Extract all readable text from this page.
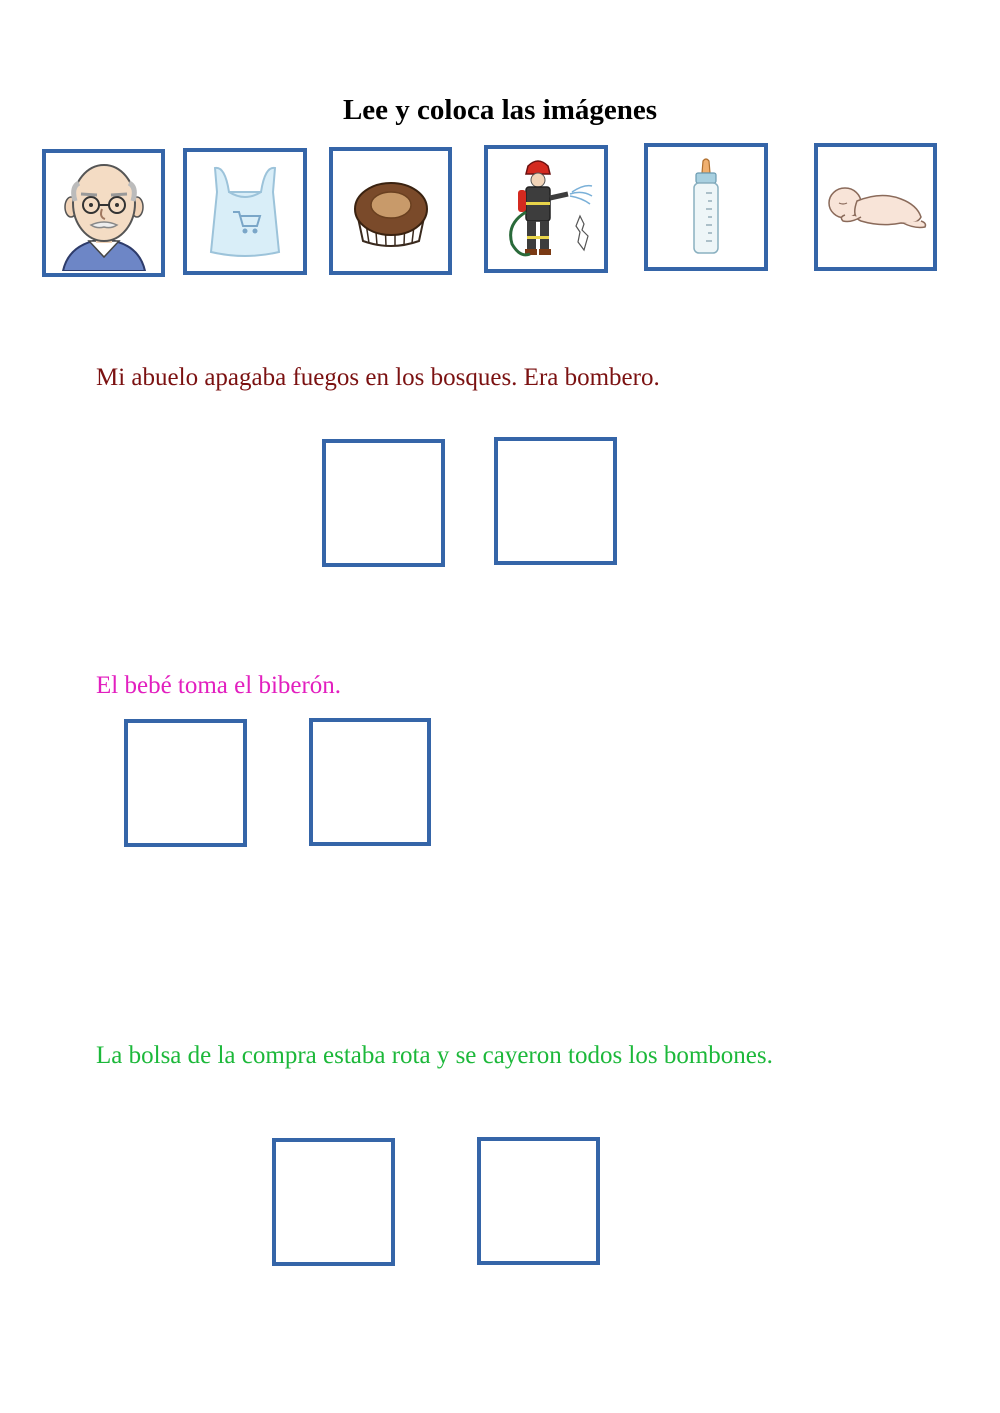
Lee y coloca las imágenes
Mi abuelo apagaba fuegos en los bosques. Era bombero.
El bebé toma el biberón.
La bolsa de la compra estaba rota y se cayeron todos los bombones.
